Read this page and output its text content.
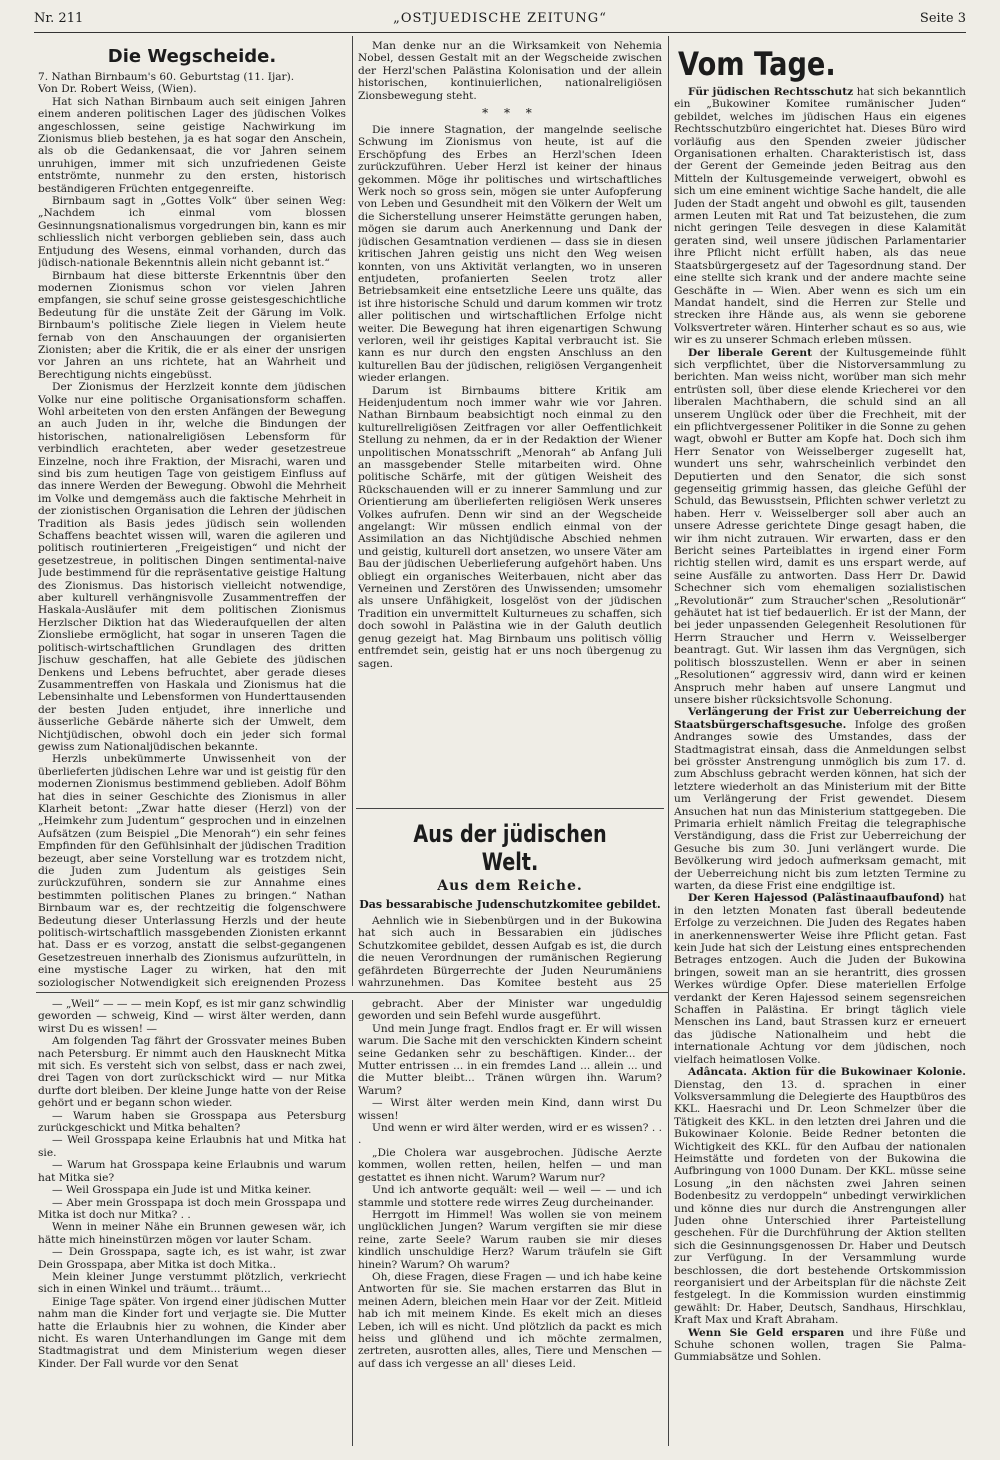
Nr. 211	„OSTJUEDISCHE ZEITUNG“	Seite 3
Die Wegscheide.

7. Nathan Birnbaum's 60. Geburtstag (11. Ijar).

Von Dr. Robert Weiss, (Wien).

Hat sich Nathan Birnbaum auch seit einigen Jahren einem anderen politischen Lager des jüdischen Volkes angeschlossen, seine geistige Nachwirkung im Zionismus blieb bestehen, ja es hat sogar den Anschein, als ob die Gedankensaat, die vor Jahren seinem unruhigen, immer mit sich unzufriedenen Geiste entströmte, nunmehr zu den ersten, historisch beständigeren Früchten entgegenreifte.

Birnbaum sagt in „Gottes Volk“ über seinen Weg: „Nachdem ich einmal vom blossen Gesinnungsnationalismus vorgedrungen bin, kann es mir schliesslich nicht verborgen geblieben sein, dass auch Entjudung des Wesens, einmal vorhanden, durch das jüdisch-nationale Bekenntnis allein nicht gebannt ist.“

Birnbaum hat diese bitterste Erkenntnis über den modernen Zionismus schon vor vielen Jahren empfangen, sie schuf seine grosse geistesgeschichtliche Bedeutung für die unstäte Zeit der Gärung im Volk. Birnbaum's politische Ziele liegen in Vielem heute fernab von den Anschauungen der organisierten Zionisten; aber die Kritik, die er als einer der unsrigen vor Jahren an uns richtete, hat an Wahrheit und Berechtigung nichts eingebüsst.

Der Zionismus der Herzlzeit konnte dem jüdischen Volke nur eine politische Organisationsform schaffen. Wohl arbeiteten von den ersten Anfängen der Bewegung an auch Juden in ihr, welche die Bindungen der historischen, nationalreligiösen Lebensform für verbindlich erachteten, aber weder gesetzestreue Einzelne, noch ihre Fraktion, der Misrachi, waren und sind bis zum heutigen Tage von geistigem Einfluss auf das innere Werden der Bewegung. Obwohl die Mehrheit im Volke und demgemäss auch die faktische Mehrheit in der zionistischen Organisation die Lehren der jüdischen Tradition als Basis jedes jüdisch sein wollenden Schaffens beachtet wissen will, waren die agileren und politisch routinierteren „Freigeistigen“ und nicht der gesetzestreue, in politischen Dingen sentimental-naive Jude bestimmend für die repräsentative geistige Haltung des Zionismus. Das historisch vielleicht notwendige, aber kulturell verhängnisvolle Zusammentreffen der Haskala-Ausläufer mit dem politischen Zionismus Herzlscher Diktion hat das Wiederaufquellen der alten Zionsliebe ermöglicht, hat sogar in unseren Tagen die politisch-wirtschaftlichen Grundlagen des dritten Jischuw geschaffen, hat alle Gebiete des jüdischen Denkens und Lebens befruchtet, aber gerade dieses Zusammentreffen von Haskala und Zionismus hat die Lebensinhalte und Lebensformen von Hunderttausenden der besten Juden entjudet, ihre innerliche und äusserliche Gebärde näherte sich der Umwelt, dem Nichtjüdischen, obwohl doch ein jeder sich formal gewiss zum Nationaljüdischen bekannte.

Herzls unbekümmerte Unwissenheit von der überlieferten jüdischen Lehre war und ist geistig für den modernen Zionismus bestimmend geblieben. Adolf Böhm hat dies in seiner Geschichte des Zionismus in aller Klarheit betont: „Zwar hatte dieser (Herzl) von der „Heimkehr zum Judentum“ gesprochen und in einzelnen Aufsätzen (zum Beispiel „Die Menorah“) ein sehr feines Empfinden für den Gefühlsinhalt der jüdischen Tradition bezeugt, aber seine Vorstellung war es trotzdem nicht, die Juden zum Judentum als geistiges Sein zurückzuführen, sondern sie zur Annahme eines bestimmten politischen Planes zu bringen.“ Nathan Birnbaum war es, der rechtzeitig die folgenschwere Bedeutung dieser Unterlassung Herzls und der heute politisch-wirtschaftlich massgebenden Zionisten erkannt hat. Dass er es vorzog, anstatt die selbst-gegangenen Gesetzestreuen innerhalb des Zionismus aufzurütteln, in eine mystische Lager zu wirken, hat den mit soziologischer Notwendigkeit sich ereignenden Prozess

Man denke nur an die Wirksamkeit von Nehemia Nobel, dessen Gestalt mit an der Wegscheide zwischen der Herzl'schen Palästina Kolonisation und der allein historischen, kontinuierlichen, nationalreligiösen Zionsbewegung steht.

* * *

Die innere Stagnation, der mangelnde seelische Schwung im Zionismus von heute, ist auf die Erschöpfung des Erbes an Herzl'schen Ideen zurückzuführen. Ueber Herzl ist keiner der hinaus gekommen. Möge ihr politisches und wirtschaftliches Werk noch so gross sein, mögen sie unter Aufopferung von Leben und Gesundheit mit den Völkern der Welt um die Sicherstellung unserer Heimstätte gerungen haben, mögen sie darum auch Anerkennung und Dank der jüdischen Gesamtnation verdienen — dass sie in diesen kritischen Jahren geistig uns nicht den Weg weisen konnten, von uns Aktivität verlangten, wo in unseren entjudeten, profanierten Seelen trotz aller Betriebsamkeit eine entsetzliche Leere uns quälte, das ist ihre historische Schuld und darum kommen wir trotz aller politischen und wirtschaftlichen Erfolge nicht weiter. Die Bewegung hat ihren eigenartigen Schwung verloren, weil ihr geistiges Kapital verbraucht ist. Sie kann es nur durch den engsten Anschluss an den kulturellen Bau der jüdischen, religiösen Vergangenheit wieder erlangen.

Darum ist Birnbaums bittere Kritik am Heidenjudentum noch immer wahr wie vor Jahren. Nathan Birnbaum beabsichtigt noch einmal zu den kulturellreligiösen Zeitfragen vor aller Oeffentlichkeit Stellung zu nehmen, da er in der Redaktion der Wiener unpolitischen Monatsschrift „Menorah“ ab Anfang Juli an massgebender Stelle mitarbeiten wird. Ohne politische Schärfe, mit der gütigen Weisheit des Rückschauenden will er zu innerer Sammlung und zur Orientierung am überlieferten religiösen Werk unseres Volkes aufrufen. Denn wir sind an der Wegscheide angelangt: Wir müssen endlich einmal von der Assimilation an das Nichtjüdische Abschied nehmen und geistig, kulturell dort ansetzen, wo unsere Väter am Bau der jüdischen Ueberlieferung aufgehört haben. Uns obliegt ein organisches Weiterbauen, nicht aber das Verneinen und Zerstören des Unwissenden; umsomehr als unsere Unfähigkeit, losgelöst von der jüdischen Tradition ein unvermittelt Kulturneues zu schaffen, sich doch sowohl in Palästina wie in der Galuth deutlich genug gezeigt hat. Mag Birnbaum uns politisch völlig entfremdet sein, geistig hat er uns noch übergenug zu sagen.

Aus der jüdischen Welt.
Aus dem Reiche.
Das bessarabische Judenschutzkomitee gebildet.

Aehnlich wie in Siebenbürgen und in der Bukowina hat sich auch in Bessarabien ein jüdisches Schutzkomitee gebildet, dessen Aufgab es ist, die durch die neuen Verordnungen der rumänischen Regierung gefährdeten Bürgerrechte der Juden Neurumäniens wahrzunehmen. Das Komitee besteht aus 25

Vom Tage.

Für jüdischen Rechtsschutz hat sich bekanntlich ein „Bukowiner Komitee rumänischer Juden“ gebildet, welches im jüdischen Haus ein eigenes Rechtsschutzbüro eingerichtet hat. Dieses Büro wird vorläufig aus den Spenden zweier jüdischer Organisationen erhalten. Charakteristisch ist, dass der Gerent der Gemeinde jeden Beitrag aus den Mitteln der Kultusgemeinde verweigert, obwohl es sich um eine eminent wichtige Sache handelt, die alle Juden der Stadt angeht und obwohl es gilt, tausenden armen Leuten mit Rat und Tat beizustehen, die zum nicht geringen Teile desvegen in diese Kalamität geraten sind, weil unsere jüdischen Parlamentarier ihre Pflicht nicht erfüllt haben, als das neue Staatsbürgergesetz auf der Tagesordnung stand. Der eine stellte sich krank und der andere machte seine Geschäfte in — Wien. Aber wenn es sich um ein Mandat handelt, sind die Herren zur Stelle und strecken ihre Hände aus, als wenn sie geborene Volksvertreter wären. Hinterher schaut es so aus, wie wir es zu unserer Schmach erleben müssen.

Der liberale Gerent der Kultusgemeinde fühlt sich verpflichtet, über die Nistorversammlung zu berichten. Man weiss nicht, worüber man sich mehr entrüsten soll, über diese elende Kriecherei vor den liberalen Machthabern, die schuld sind an all unserem Unglück oder über die Frechheit, mit der ein pflichtvergessener Politiker in die Sonne zu gehen wagt, obwohl er Butter am Kopfe hat. Doch sich ihm Herr Senator von Weisselberger zugesellt hat, wundert uns sehr, wahrscheinlich verbindet den Deputierten und den Senator, die sich sonst gegenseitig grimmig hassen, das gleiche Gefühl der Schuld, das Bewusstsein, Pflichten schwer verletzt zu haben. Herr v. Weisselberger soll aber auch an unsere Adresse gerichtete Dinge gesagt haben, die wir ihm nicht zutrauen. Wir erwarten, dass er den Bericht seines Parteiblattes in irgend einer Form richtig stellen wird, damit es uns erspart werde, auf seine Ausfälle zu antworten. Dass Herr Dr. Dawid Schechner sich vom ehemaligen sozialistischen „Revolutionär“ zum Straucher'schen „Resolutionär“ gehäutet hat ist tief bedauerlich. Er ist der Mann, der bei jeder unpassenden Gelegenheit Resolutionen für Herrn Straucher und Herrn v. Weisselberger beantragt. Gut. Wir lassen ihm das Vergnügen, sich politisch blosszustellen. Wenn er aber in seinen „Resolutionen“ aggressiv wird, dann wird er keinen Anspruch mehr haben auf unsere Langmut und unsere bisher rücksichtsvolle Schonung.

Verlängerung der Frist zur Ueberreichung der Staatsbürgerschaftsgesuche. Infolge des großen Andranges sowie des Umstandes, dass der Stadtmagistrat einsah, dass die Anmeldungen selbst bei grösster Anstrengung unmöglich bis zum 17. d. zum Abschluss gebracht werden können, hat sich der letztere wiederholt an das Ministerium mit der Bitte um Verlängerung der Frist gewendet. Diesem Ansuchen hat nun das Ministerium stattgegeben. Die Primaria erhielt nämlich Freitag die telegraphische Verständigung, dass die Frist zur Ueberreichung der Gesuche bis zum 30. Juni verlängert wurde. Die Bevölkerung wird jedoch aufmerksam gemacht, mit der Ueberreichung nicht bis zum letzten Termine zu warten, da diese Frist eine endgiltige ist.

Der Keren Hajessod (Palästinaaufbaufond) hat in den letzten Monaten fast überall bedeutende Erfolge zu verzeichnen. Die Juden des Regates haben in anerkennenswerter Weise ihre Pflicht getan. Fast kein Jude hat sich der Leistung eines entsprechenden Betrages entzogen. Auch die Juden der Bukowina bringen, soweit man an sie herantritt, dies grossen Werkes würdige Opfer. Diese materiellen Erfolge verdankt der Keren Hajessod seinem segensreichen Schaffen in Palästina. Er bringt täglich viele Menschen ins Land, baut Strassen kurz er erneuert das jüdische Nationalheim und hebt die internationale Achtung vor dem jüdischen, noch vielfach heimatlosen Volke.

Adâncata. Aktion für die Bukowinaer Kolonie. Dienstag, den 13. d. sprachen in einer Volksversammlung die Delegierte des Hauptbüros des KKL. Haesrachi und Dr. Leon Schmelzer über die Tätigkeit des KKL. in den letzten drei Jahren und die Bukowinaer Kolonie. Beide Redner betonten die Wichtigkeit des KKL. für den Aufbau der nationalen Heimstätte und fordeten von der Bukowina die Aufbringung von 1000 Dunam. Der KKL. müsse seine Losung „in den nächsten zwei Jahren seinen Bodenbesitz zu verdoppeln“ unbedingt verwirklichen und könne dies nur durch die Anstrengungen aller Juden ohne Unterschied ihrer Parteistellung geschehen. Für die Durchführung der Aktion stellten sich die Gesinnungsgenossen Dr. Haber und Deutsch zur Verfügung. In der Versammlung wurde beschlossen, die dort bestehende Ortskommission reorganisiert und der Arbeitsplan für die nächste Zeit festgelegt. In die Kommission wurden einstimmig gewählt: Dr. Haber, Deutsch, Sandhaus, Hirschklau, Kraft Max und Kraft Abraham.

Wenn Sie Geld ersparen und ihre Füße und Schuhe schonen wollen, tragen Sie Palma-Gummiabsätze und Sohlen.

— „Weil“ — — — mein Kopf, es ist mir ganz schwindlig geworden — schweig, Kind — wirst älter werden, dann wirst Du es wissen! —

Am folgenden Tag fährt der Grossvater meines Buben nach Petersburg. Er nimmt auch den Hausknecht Mitka mit sich. Es versteht sich von selbst, dass er nach zwei, drei Tagen von dort zurückschickt wird — nur Mitka durfte dort bleiben. Der kleine Junge hatte von der Reise gehört und er begann schon wieder.

— Warum haben sie Grosspapa aus Petersburg zurückgeschickt und Mitka behalten?

— Weil Grosspapa keine Erlaubnis hat und Mitka hat sie.

— Warum hat Grosspapa keine Erlaubnis und warum hat Mitka sie?

— Weil Grosspapa ein Jude ist und Mitka keiner.

— Aber mein Grosspapa ist doch mein Grosspapa und Mitka ist doch nur Mitka? . .

Wenn in meiner Nähe ein Brunnen gewesen wär, ich hätte mich hineinstürzen mögen vor lauter Scham.

— Dein Grosspapa, sagte ich, es ist wahr, ist zwar Dein Grosspapa, aber Mitka ist doch Mitka..

Mein kleiner Junge verstummt plötzlich, verkriecht sich in einen Winkel und träumt... träumt...

Einige Tage später. Von irgend einer jüdischen Mutter nahm man die Kinder fort und verjagte sie. Die Mutter hatte die Erlaubnis hier zu wohnen, die Kinder aber nicht. Es waren Unterhandlungen im Gange mit dem Stadtmagistrat und dem Ministerium wegen dieser Kinder. Der Fall wurde vor den Senat

gebracht. Aber der Minister war ungeduldig geworden und sein Befehl wurde ausgeführt.

Und mein Junge fragt. Endlos fragt er. Er will wissen warum. Die Sache mit den verschickten Kindern scheint seine Gedanken sehr zu beschäftigen. Kinder... der Mutter entrissen ... in ein fremdes Land ... allein ... und die Mutter bleibt... Tränen würgen ihn. Warum? Warum?

— Wirst älter werden mein Kind, dann wirst Du wissen!

Und wenn er wird älter werden, wird er es wissen? . . .

„Die Cholera war ausgebrochen. Jüdische Aerzte kommen, wollen retten, heilen, helfen — und man gestattet es ihnen nicht. Warum? Warum nur?

Und ich antworte gequält: weil — weil — — und ich stammle und stottere rede wirres Zeug durcheinander.

Herrgott im Himmel! Was wollen sie von meinem unglücklichen Jungen? Warum vergiften sie mir diese reine, zarte Seele? Warum rauben sie mir dieses kindlich unschuldige Herz? Warum träufeln sie Gift hinein? Warum? Oh warum?

Oh, diese Fragen, diese Fragen — und ich habe keine Antworten für sie. Sie machen erstarren das Blut in meinen Adern, bleichen mein Haar vor der Zeit. Mitleid hab ich mit meinem Kinde. Es ekelt mich an dieses Leben, ich will es nicht. Und plötzlich da packt es mich heiss und glühend und ich möchte zermalmen, zertreten, ausrotten alles, alles, Tiere und Menschen — auf dass ich vergesse an all' dieses Leid.
